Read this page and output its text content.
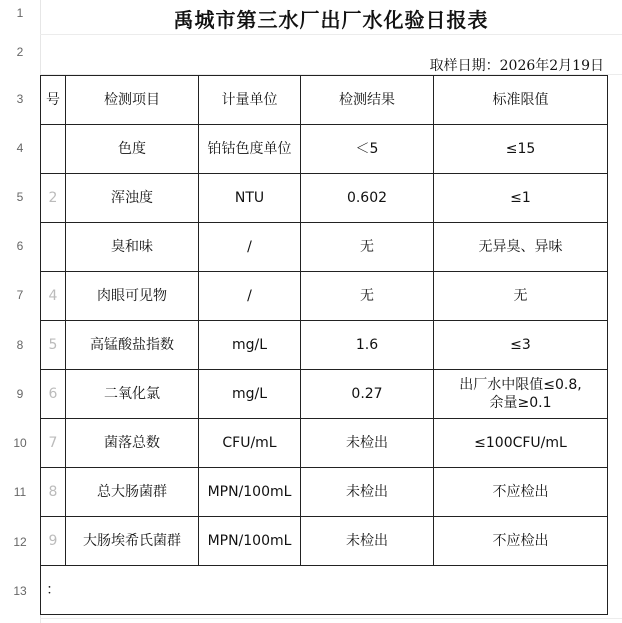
1
2
3
4
5
6
7
8
9
10
11
12
13
禹城市第三水厂出厂水化验日报表
取样日期：2026年2月19日
号	检测项目	计量单位	检测结果	标准限值
	色度	铂钴色度单位	＜5	≤15
2	浑浊度	NTU	0.602	≤1
	臭和味	/	无	无异臭、异味
4	肉眼可见物	/	无	无
5	高锰酸盐指数	mg/L	1.6	≤3
6	二氧化氯	mg/L	0.27	出厂水中限值≤0.8,
余量≥0.1

7	菌落总数	CFU/mL	未检出	≤100CFU/mL
8	总大肠菌群	MPN/100mL	未检出	不应检出
9	大肠埃希氏菌群	MPN/100mL	未检出	不应检出
：				
